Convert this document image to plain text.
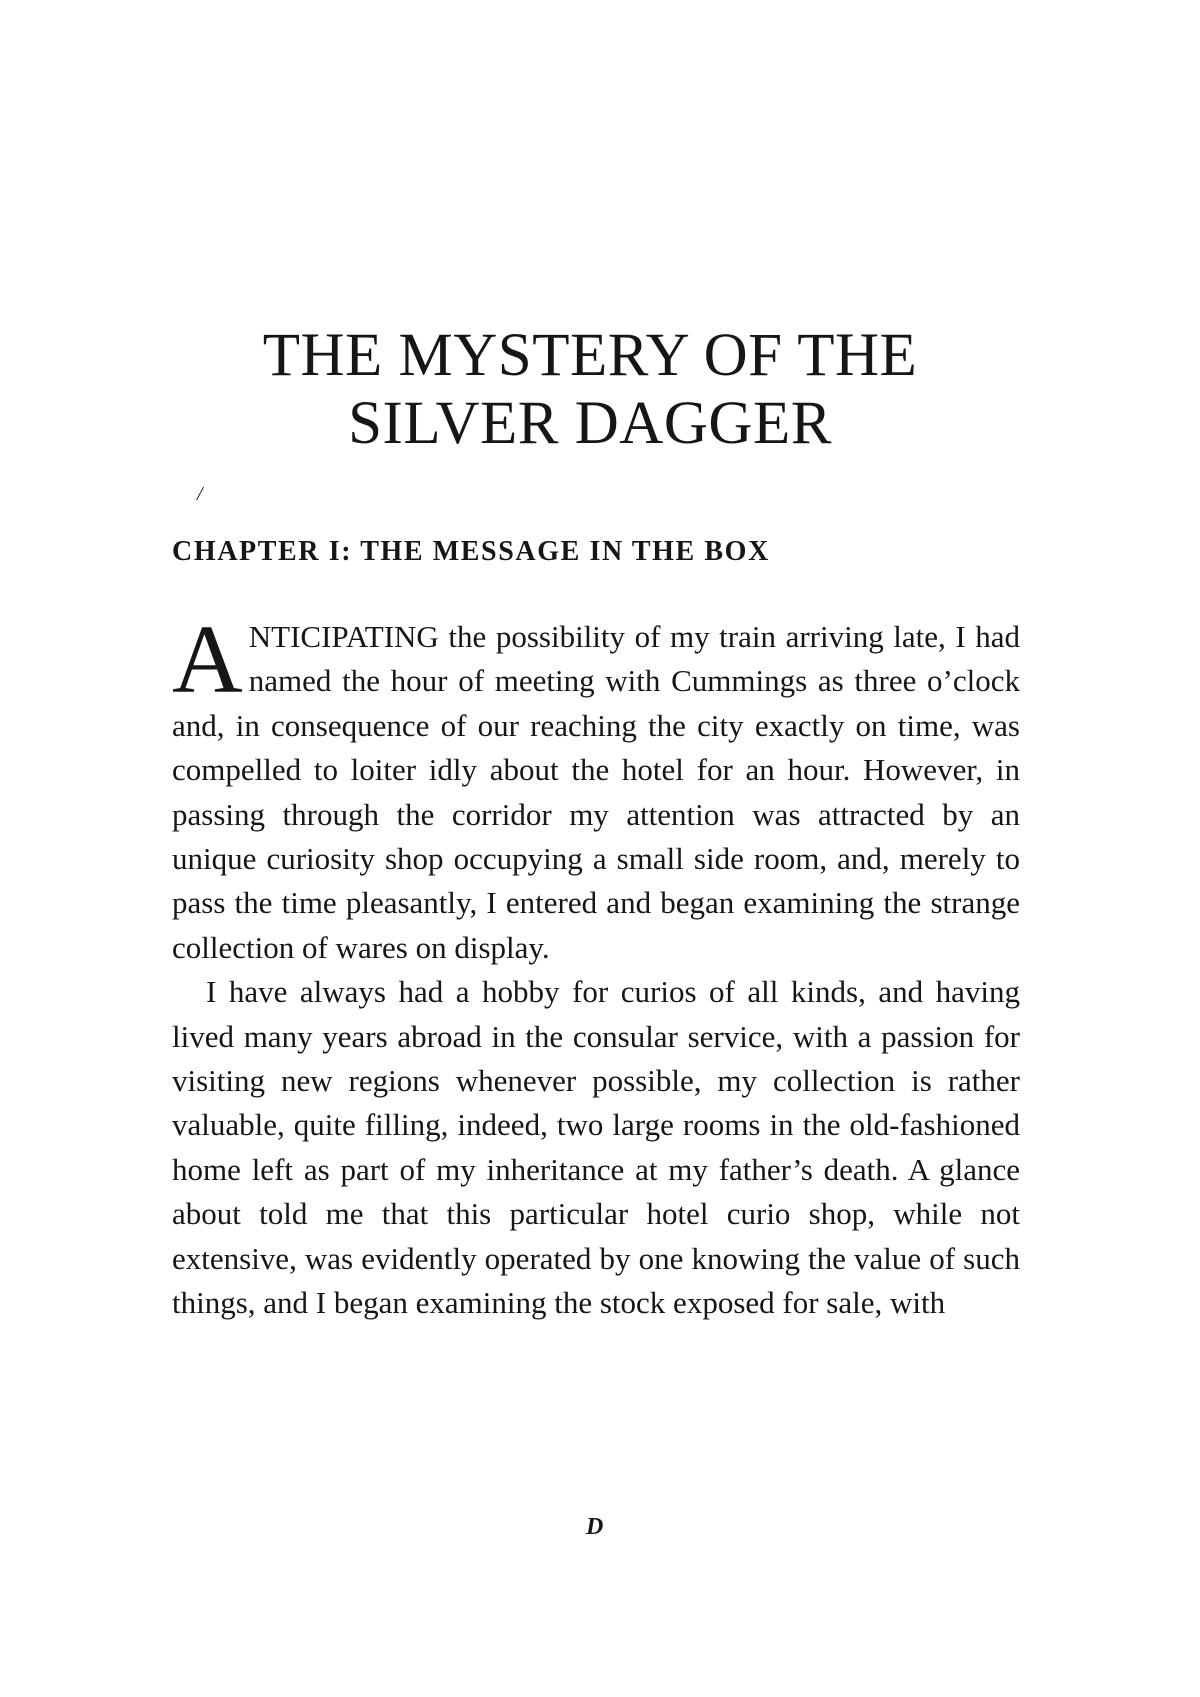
THE MYSTERY OF THE
SILVER DAGGER
/
CHAPTER I: THE MESSAGE IN THE BOX

ANTICIPATING the possibility of my train arriving late, I had named the hour of meeting with Cummings as three o’clock and, in consequence of our reaching the city exactly on time, was compelled to loiter idly about the hotel for an hour. However, in passing through the corridor my attention was attracted by an unique curiosity shop occupying a small side room, and, merely to pass the time pleasantly, I entered and began examining the strange collection of wares on display.

I have always had a hobby for curios of all kinds, and having lived many years abroad in the consular service, with a passion for visiting new regions whenever possible, my collection is rather valuable, quite filling, indeed, two large rooms in the old-fashioned home left as part of my inheritance at my father’s death. A glance about told me that this particular hotel curio shop, while not extensive, was evidently operated by one knowing the value of such things, and I began examining the stock exposed for sale, with

D
